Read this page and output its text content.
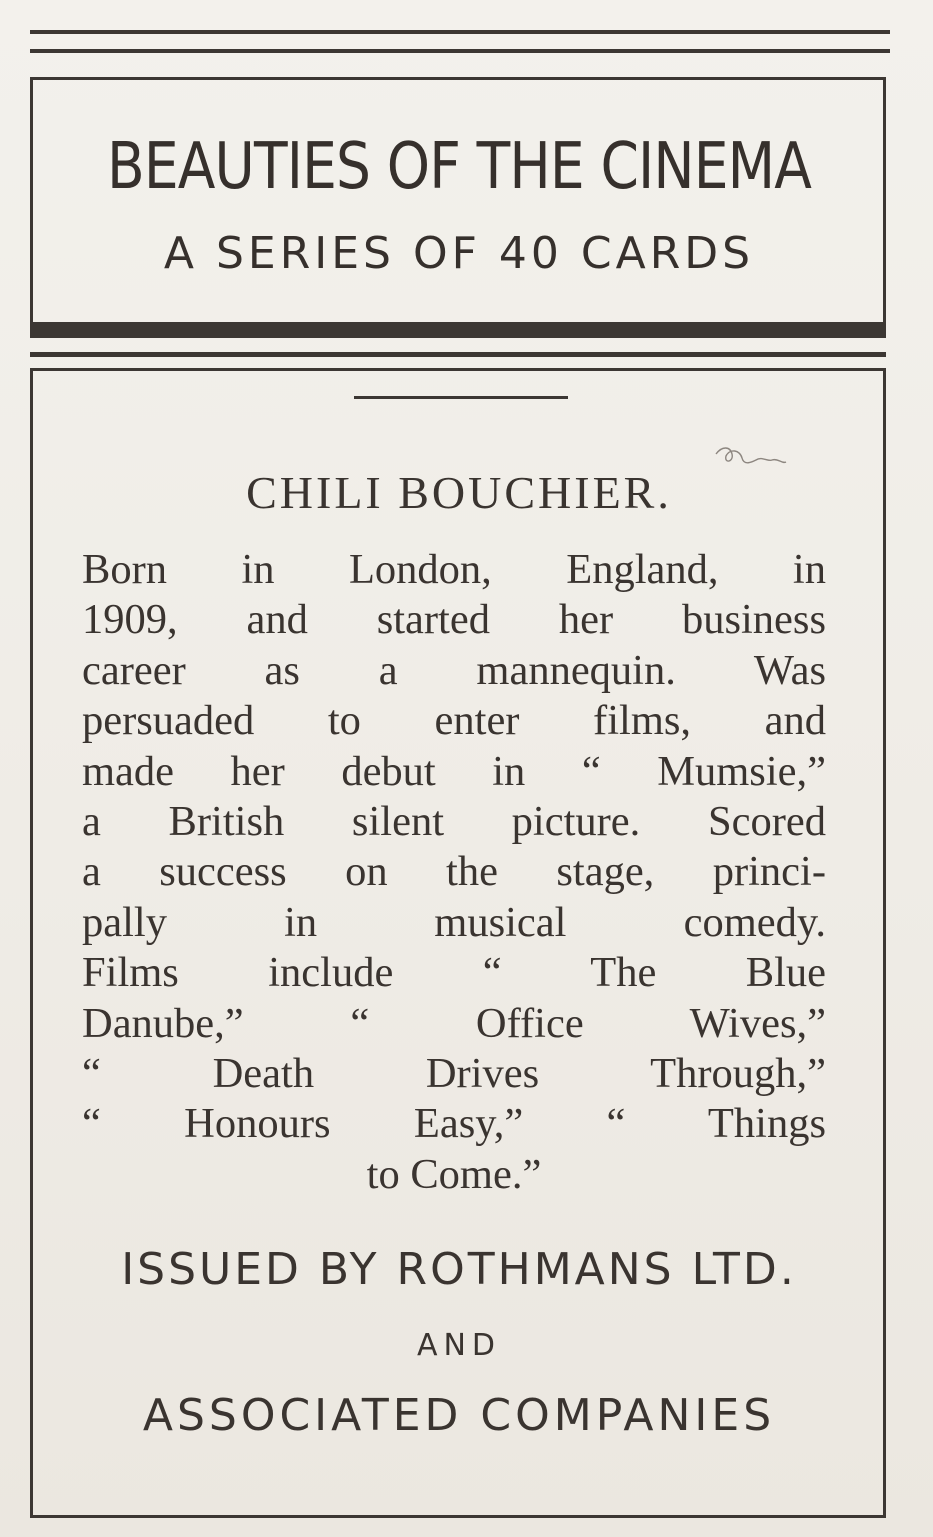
BEAUTIES OF THE CINEMA
A SERIES OF 40 CARDS
CHILI BOUCHIER.
Born in London, England, in
1909, and started her business
career as a mannequin. Was
persuaded to enter films, and
made her debut in “ Mumsie,”
a British silent picture. Scored
a success on the stage, princi-
pally in musical comedy.
Films include “ The Blue
Danube,” “ Office Wives,”
“ Death Drives Through,”
“ Honours Easy,” “ Things
to Come.”
ISSUED BY ROTHMANS LTD.
AND
ASSOCIATED COMPANIES
